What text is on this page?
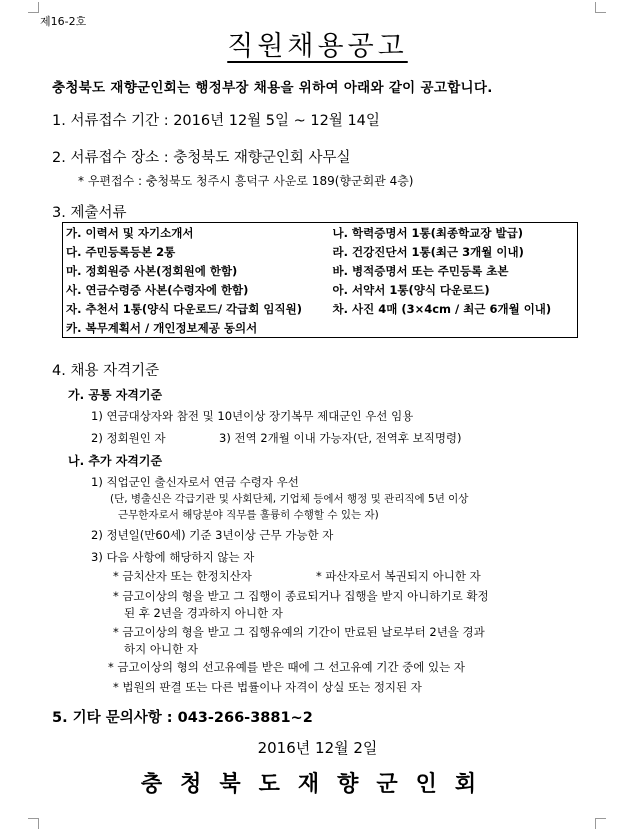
제16-2호
직원채용공고
충청북도 재향군인회는 행정부장 채용을 위하여 아래와 같이 공고합니다.
1. 서류접수 기간 : 2016년 12월 5일 ~ 12월 14일
2. 서류접수 장소 : 충청북도 재향군인회 사무실
* 우편접수 : 충청북도 청주시 흥덕구 사운로 189(향군회관 4층)
3. 제출서류
가. 이력서 및 자기소개서	나. 학력증명서 1통(최종학교장 발급)
다. 주민등록등본 2통	라. 건강진단서 1통(최근 3개월 이내)
마. 정회원증 사본(정회원에 한함)	바. 병적증명서 또는 주민등록 초본
사. 연금수령증 사본(수령자에 한함)	아. 서약서 1통(양식 다운로드)
자. 추천서 1통(양식 다운로드/ 각급회 임직원)	차. 사진 4매 (3×4cm / 최근 6개월 이내)
카. 복무계획서 / 개인정보제공 동의서	
4. 채용 자격기준
가. 공통 자격기준
1) 연금대상자와 참전 및 10년이상 장기복무 제대군인 우선 임용
2) 정회원인 자	3) 전역 2개월 이내 가능자(단, 전역후 보직명령)
나. 추가 자격기준
1) 직업군인 출신자로서 연금 수령자 우선
(단, 병출신은 각급기관 및 사회단체, 기업체 등에서 행정 및 관리직에 5년 이상
근무한자로서 해당분야 직무를 훌륭히 수행할 수 있는 자)
2) 정년일(만60세) 기준 3년이상 근무 가능한 자
3) 다음 사항에 해당하지 않는 자
* 금치산자 또는 한정치산자	* 파산자로서 복권되지 아니한 자
* 금고이상의 형을 받고 그 집행이 종료되거나 집행을 받지 아니하기로 확정
된 후 2년을 경과하지 아니한 자
* 금고이상의 형을 받고 그 집행유예의 기간이 만료된 날로부터 2년을 경과
하지 아니한 자
* 금고이상의 형의 선고유예를 받은 때에 그 선고유예 기간 중에 있는 자
* 법원의 판결 또는 다른 법률이나 자격이 상실 또는 정지된 자
5. 기타 문의사항 : 043-266-3881~2
2016년 12월 2일
충청북도재향군인회
